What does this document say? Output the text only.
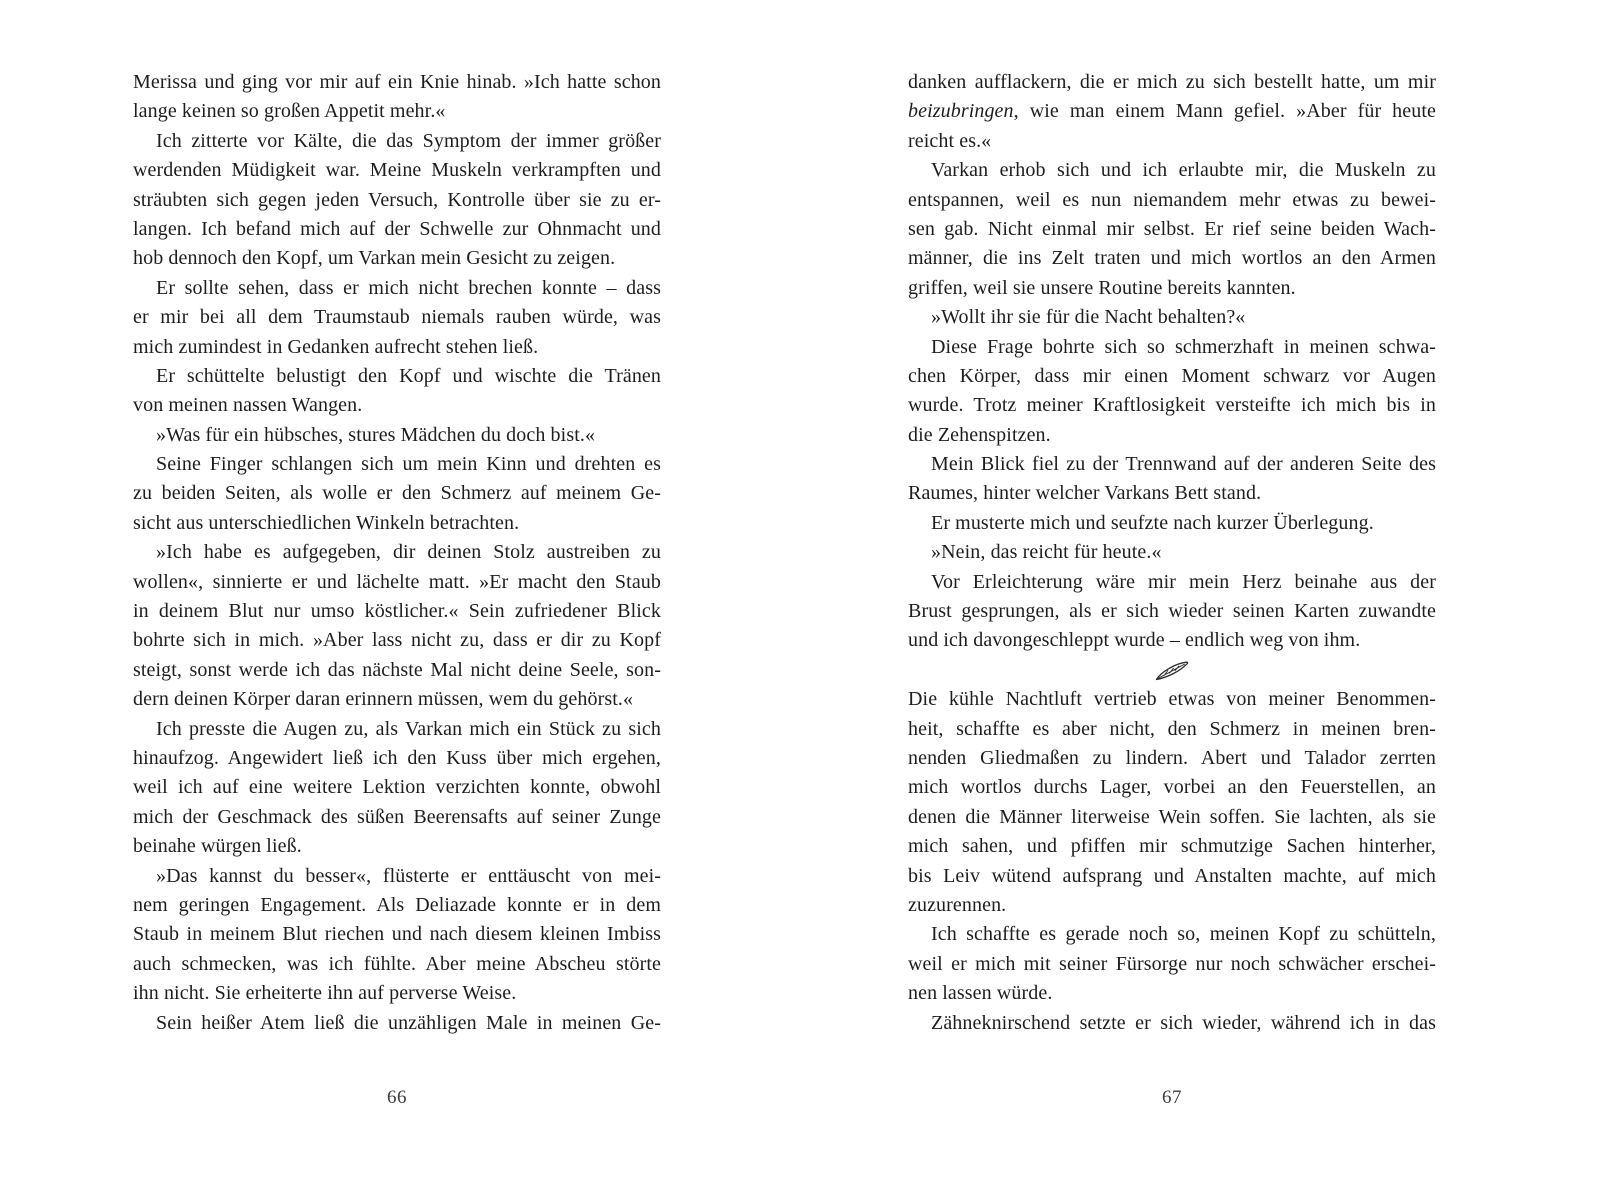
Merissa und ging vor mir auf ein Knie hinab. »Ich hatte schon
lange keinen so großen Appetit mehr.«
Ich zitterte vor Kälte, die das Symptom der immer größer
werdenden Müdigkeit war. Meine Muskeln verkrampften und
sträubten sich gegen jeden Versuch, Kontrolle über sie zu er-
langen. Ich befand mich auf der Schwelle zur Ohnmacht und
hob dennoch den Kopf, um Varkan mein Gesicht zu zeigen.
Er sollte sehen, dass er mich nicht brechen konnte – dass
er mir bei all dem Traumstaub niemals rauben würde, was
mich zumindest in Gedanken aufrecht stehen ließ.
Er schüttelte belustigt den Kopf und wischte die Tränen
von meinen nassen Wangen.
»Was für ein hübsches, stures Mädchen du doch bist.«
Seine Finger schlangen sich um mein Kinn und drehten es
zu beiden Seiten, als wolle er den Schmerz auf meinem Ge-
sicht aus unterschiedlichen Winkeln betrachten.
»Ich habe es aufgegeben, dir deinen Stolz austreiben zu
wollen«, sinnierte er und lächelte matt. »Er macht den Staub
in deinem Blut nur umso köstlicher.« Sein zufriedener Blick
bohrte sich in mich. »Aber lass nicht zu, dass er dir zu Kopf
steigt, sonst werde ich das nächste Mal nicht deine Seele, son-
dern deinen Körper daran erinnern müssen, wem du gehörst.«
Ich presste die Augen zu, als Varkan mich ein Stück zu sich
hinaufzog. Angewidert ließ ich den Kuss über mich ergehen,
weil ich auf eine weitere Lektion verzichten konnte, obwohl
mich der Geschmack des süßen Beerensafts auf seiner Zunge
beinahe würgen ließ.
»Das kannst du besser«, flüsterte er enttäuscht von mei-
nem geringen Engagement. Als Deliazade konnte er in dem
Staub in meinem Blut riechen und nach diesem kleinen Imbiss
auch schmecken, was ich fühlte. Aber meine Abscheu störte
ihn nicht. Sie erheiterte ihn auf perverse Weise.
Sein heißer Atem ließ die unzähligen Male in meinen Ge-
danken aufflackern, die er mich zu sich bestellt hatte, um mir
beizubringen, wie man einem Mann gefiel. »Aber für heute
reicht es.«
Varkan erhob sich und ich erlaubte mir, die Muskeln zu
entspannen, weil es nun niemandem mehr etwas zu bewei-
sen gab. Nicht einmal mir selbst. Er rief seine beiden Wach-
männer, die ins Zelt traten und mich wortlos an den Armen
griffen, weil sie unsere Routine bereits kannten.
»Wollt ihr sie für die Nacht behalten?«
Diese Frage bohrte sich so schmerzhaft in meinen schwa-
chen Körper, dass mir einen Moment schwarz vor Augen
wurde. Trotz meiner Kraftlosigkeit versteifte ich mich bis in
die Zehenspitzen.
Mein Blick fiel zu der Trennwand auf der anderen Seite des
Raumes, hinter welcher Varkans Bett stand.
Er musterte mich und seufzte nach kurzer Überlegung.
»Nein, das reicht für heute.«
Vor Erleichterung wäre mir mein Herz beinahe aus der
Brust gesprungen, als er sich wieder seinen Karten zuwandte
und ich davongeschleppt wurde – endlich weg von ihm.
Die kühle Nachtluft vertrieb etwas von meiner Benommen-
heit, schaffte es aber nicht, den Schmerz in meinen bren-
nenden Gliedmaßen zu lindern. Abert und Talador zerrten
mich wortlos durchs Lager, vorbei an den Feuerstellen, an
denen die Männer literweise Wein soffen. Sie lachten, als sie
mich sahen, und pfiffen mir schmutzige Sachen hinterher,
bis Leiv wütend aufsprang und Anstalten machte, auf mich
zuzurennen.
Ich schaffte es gerade noch so, meinen Kopf zu schütteln,
weil er mich mit seiner Fürsorge nur noch schwächer erschei-
nen lassen würde.
Zähneknirschend setzte er sich wieder, während ich in das
66	67
